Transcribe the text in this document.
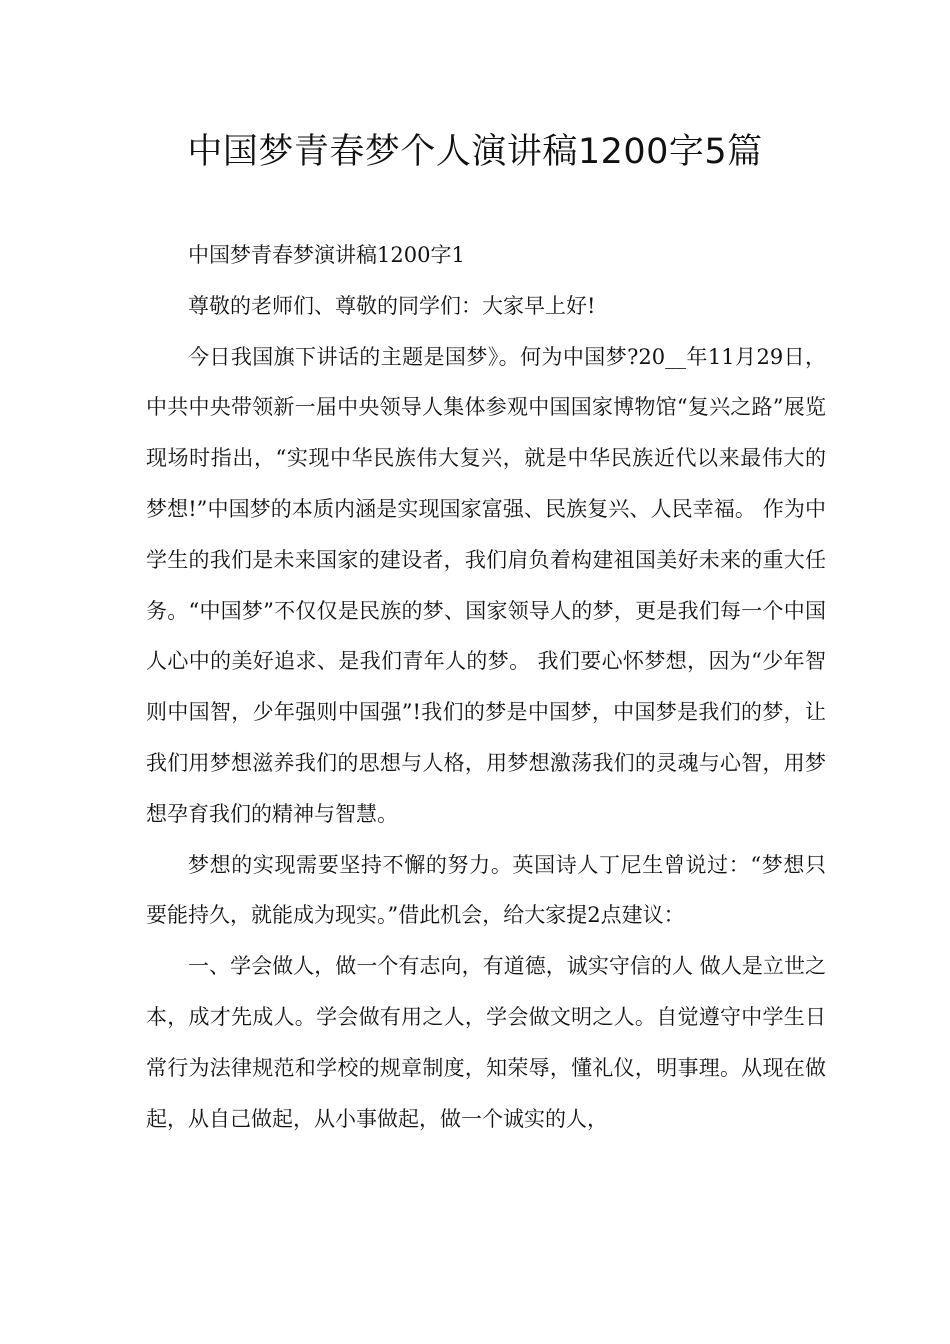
中国梦青春梦个人演讲稿1200字5篇

中国梦青春梦演讲稿1200字1

尊敬的老师们、尊敬的同学们：大家早上好!

今日我国旗下讲话的主题是国梦》。何为中国梦?20__年11月29日，中共中央带领新一届中央领导人集体参观中国国家博物馆“复兴之路”展览现场时指出，“实现中华民族伟大复兴，就是中华民族近代以来最伟大的梦想!”中国梦的本质内涵是实现国家富强、民族复兴、人民幸福。 作为中学生的我们是未来国家的建设者，我们肩负着构建祖国美好未来的重大任务。“中国梦”不仅仅是民族的梦、国家领导人的梦，更是我们每一个中国人心中的美好追求、是我们青年人的梦。 我们要心怀梦想，因为“少年智则中国智，少年强则中国强”!我们的梦是中国梦，中国梦是我们的梦，让我们用梦想滋养我们的思想与人格，用梦想激荡我们的灵魂与心智，用梦想孕育我们的精神与智慧。

梦想的实现需要坚持不懈的努力。英国诗人丁尼生曾说过：“梦想只要能持久，就能成为现实。”借此机会，给大家提2点建议：

一、学会做人，做一个有志向，有道德，诚实守信的人 做人是立世之本，成才先成人。学会做有用之人，学会做文明之人。自觉遵守中学生日常行为法律规范和学校的规章制度，知荣辱，懂礼仪，明事理。从现在做起，从自己做起，从小事做起，做一个诚实的人，
